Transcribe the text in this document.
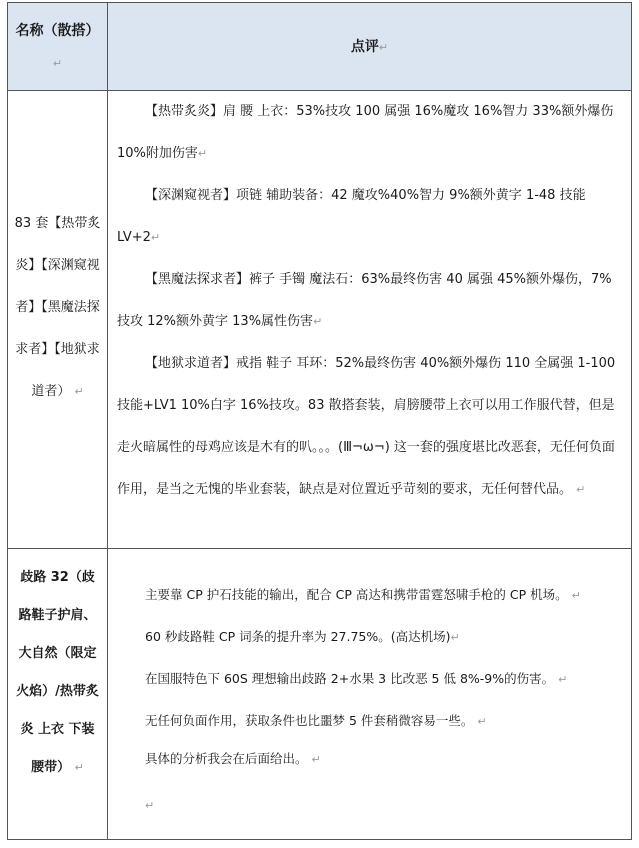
名称（散搭） ↵
点评↵
83 套【热带炙炎】【深渊窥视者】【黑魔法探求者】【地狱求道者） ↵
【热带炙炎】肩 腰 上衣：53%技攻 100 属强 16%魔攻 16%智力 33%额外爆伤 10%附加伤害↵
【深渊窥视者】项链 辅助装备：42 魔攻%40%智力 9%额外黄字 1-48 技能 LV+2↵
【黑魔法探求者】裤子 手镯 魔法石：63%最终伤害 40 属强 45%额外爆伤，7%技攻 12%额外黄字 13%属性伤害↵
【地狱求道者】戒指 鞋子 耳环：52%最终伤害 40%额外爆伤 110 全属强 1-100 技能+LV1 10%白字 16%技攻。83 散搭套装，肩膀腰带上衣可以用工作服代替，但是走火暗属性的母鸡应该是木有的叭。。。(Ⅲ¬ω¬) 这一套的强度堪比改恶套，无任何负面作用，是当之无愧的毕业套装，缺点是对位置近乎苛刻的要求，无任何替代品。 ↵
歧路 32（歧路鞋子护肩、大自然（限定火焰）/热带炙炎 上衣 下装 腰带） ↵
主要靠 CP 护石技能的输出，配合 CP 高达和携带雷霆怒啸手枪的 CP 机场。 ↵
60 秒歧路鞋 CP 词条的提升率为 27.75%。(高达机场)↵
在国服特色下 60S 理想输出歧路 2+水果 3 比改恶 5 低 8%-9%的伤害。 ↵
无任何负面作用，获取条件也比噩梦 5 件套稍微容易一些。 ↵
具体的分析我会在后面给出。 ↵
↵
